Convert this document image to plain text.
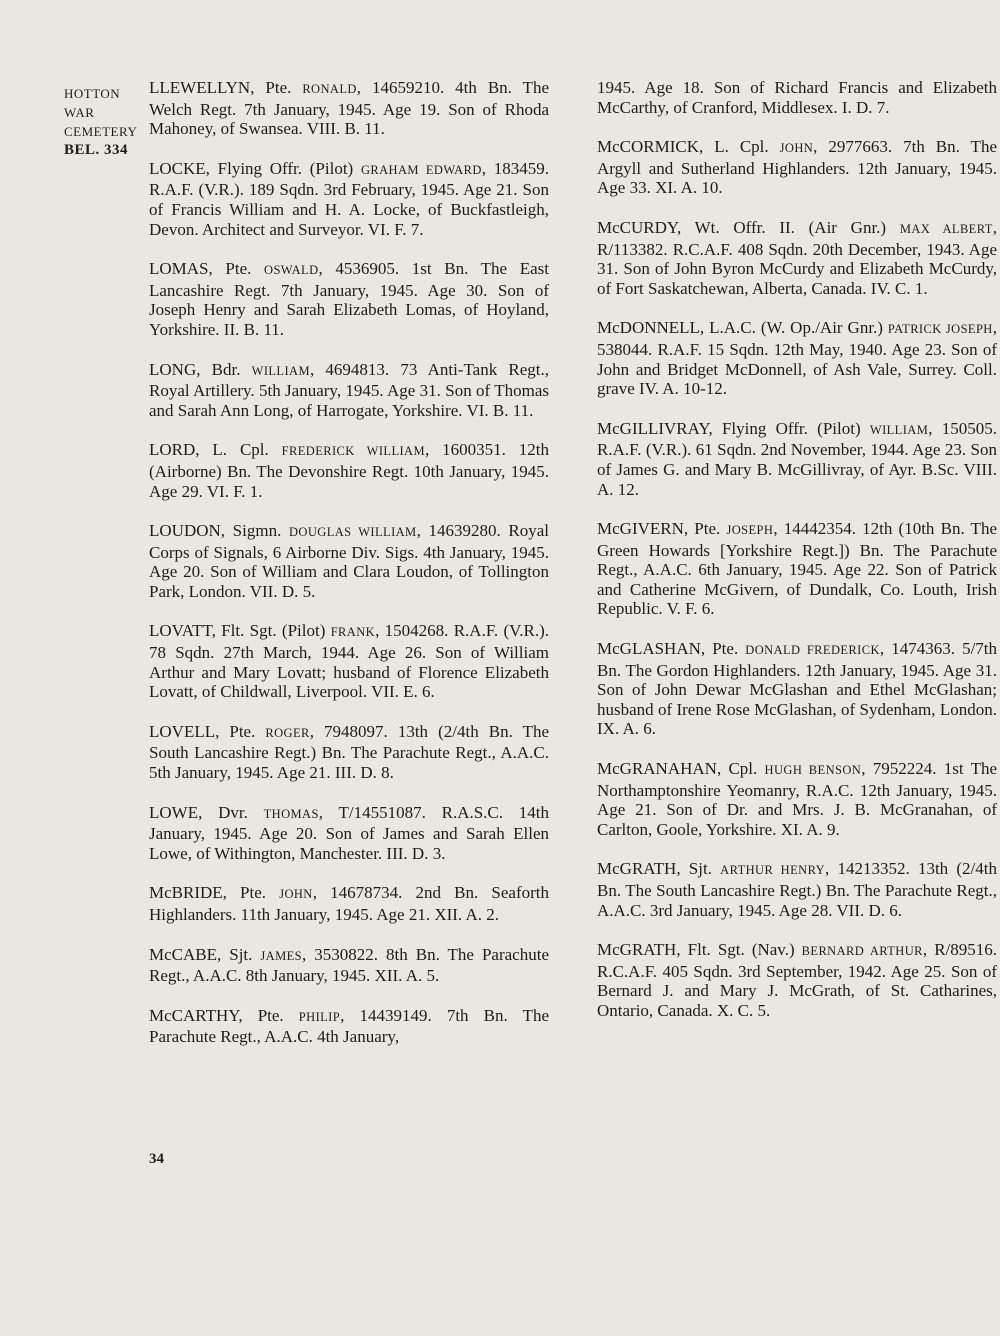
HOTTON
WAR
CEMETERY
BEL. 334

LLEWELLYN, Pte. RONALD, 14659210. 4th Bn. The Welch Regt. 7th January, 1945. Age 19. Son of Rhoda Mahoney, of Swansea. VIII. B. 11.

LOCKE, Flying Offr. (Pilot) GRAHAM EDWARD, 183459. R.A.F. (V.R.). 189 Sqdn. 3rd February, 1945. Age 21. Son of Francis William and H. A. Locke, of Buckfastleigh, Devon. Architect and Surveyor. VI. F. 7.

LOMAS, Pte. OSWALD, 4536905. 1st Bn. The East Lancashire Regt. 7th January, 1945. Age 30. Son of Joseph Henry and Sarah Elizabeth Lomas, of Hoyland, Yorkshire. II. B. 11.

LONG, Bdr. WILLIAM, 4694813. 73 Anti-Tank Regt., Royal Artillery. 5th January, 1945. Age 31. Son of Thomas and Sarah Ann Long, of Harrogate, Yorkshire. VI. B. 11.

LORD, L. Cpl. FREDERICK WILLIAM, 1600351. 12th (Airborne) Bn. The Devonshire Regt. 10th January, 1945. Age 29. VI. F. 1.

LOUDON, Sigmn. DOUGLAS WILLIAM, 14639280. Royal Corps of Signals, 6 Airborne Div. Sigs. 4th January, 1945. Age 20. Son of William and Clara Loudon, of Tollington Park, London. VII. D. 5.

LOVATT, Flt. Sgt. (Pilot) FRANK, 1504268. R.A.F. (V.R.). 78 Sqdn. 27th March, 1944. Age 26. Son of William Arthur and Mary Lovatt; husband of Florence Elizabeth Lovatt, of Childwall, Liverpool. VII. E. 6.

LOVELL, Pte. ROGER, 7948097. 13th (2/4th Bn. The South Lancashire Regt.) Bn. The Parachute Regt., A.A.C. 5th January, 1945. Age 21. III. D. 8.

LOWE, Dvr. THOMAS, T/14551087. R.A.S.C. 14th January, 1945. Age 20. Son of James and Sarah Ellen Lowe, of Withington, Manchester. III. D. 3.

McBRIDE, Pte. JOHN, 14678734. 2nd Bn. Seaforth Highlanders. 11th January, 1945. Age 21. XII. A. 2.

McCABE, Sjt. JAMES, 3530822. 8th Bn. The Parachute Regt., A.A.C. 8th January, 1945. XII. A. 5.

McCARTHY, Pte. PHILIP, 14439149. 7th Bn. The Parachute Regt., A.A.C. 4th January,

1945. Age 18. Son of Richard Francis and Elizabeth McCarthy, of Cranford, Middlesex. I. D. 7.

McCORMICK, L. Cpl. JOHN, 2977663. 7th Bn. The Argyll and Sutherland Highlanders. 12th January, 1945. Age 33. XI. A. 10.

McCURDY, Wt. Offr. II. (Air Gnr.) MAX ALBERT, R/113382. R.C.A.F. 408 Sqdn. 20th December, 1943. Age 31. Son of John Byron McCurdy and Elizabeth McCurdy, of Fort Saskatchewan, Alberta, Canada. IV. C. 1.

McDONNELL, L.A.C. (W. Op./Air Gnr.) PATRICK JOSEPH, 538044. R.A.F. 15 Sqdn. 12th May, 1940. Age 23. Son of John and Bridget McDonnell, of Ash Vale, Surrey. Coll. grave IV. A. 10-12.

McGILLIVRAY, Flying Offr. (Pilot) WILLIAM, 150505. R.A.F. (V.R.). 61 Sqdn. 2nd November, 1944. Age 23. Son of James G. and Mary B. McGillivray, of Ayr. B.Sc. VIII. A. 12.

McGIVERN, Pte. JOSEPH, 14442354. 12th (10th Bn. The Green Howards [Yorkshire Regt.]) Bn. The Parachute Regt., A.A.C. 6th January, 1945. Age 22. Son of Patrick and Catherine McGivern, of Dundalk, Co. Louth, Irish Republic. V. F. 6.

McGLASHAN, Pte. DONALD FREDERICK, 1474363. 5/7th Bn. The Gordon Highlanders. 12th January, 1945. Age 31. Son of John Dewar McGlashan and Ethel McGlashan; husband of Irene Rose McGlashan, of Sydenham, London. IX. A. 6.

McGRANAHAN, Cpl. HUGH BENSON, 7952224. 1st The Northamptonshire Yeomanry, R.A.C. 12th January, 1945. Age 21. Son of Dr. and Mrs. J. B. McGranahan, of Carlton, Goole, Yorkshire. XI. A. 9.

McGRATH, Sjt. ARTHUR HENRY, 14213352. 13th (2/4th Bn. The South Lancashire Regt.) Bn. The Parachute Regt., A.A.C. 3rd January, 1945. Age 28. VII. D. 6.

McGRATH, Flt. Sgt. (Nav.) BERNARD ARTHUR, R/89516. R.C.A.F. 405 Sqdn. 3rd September, 1942. Age 25. Son of Bernard J. and Mary J. McGrath, of St. Catharines, Ontario, Canada. X. C. 5.

34
